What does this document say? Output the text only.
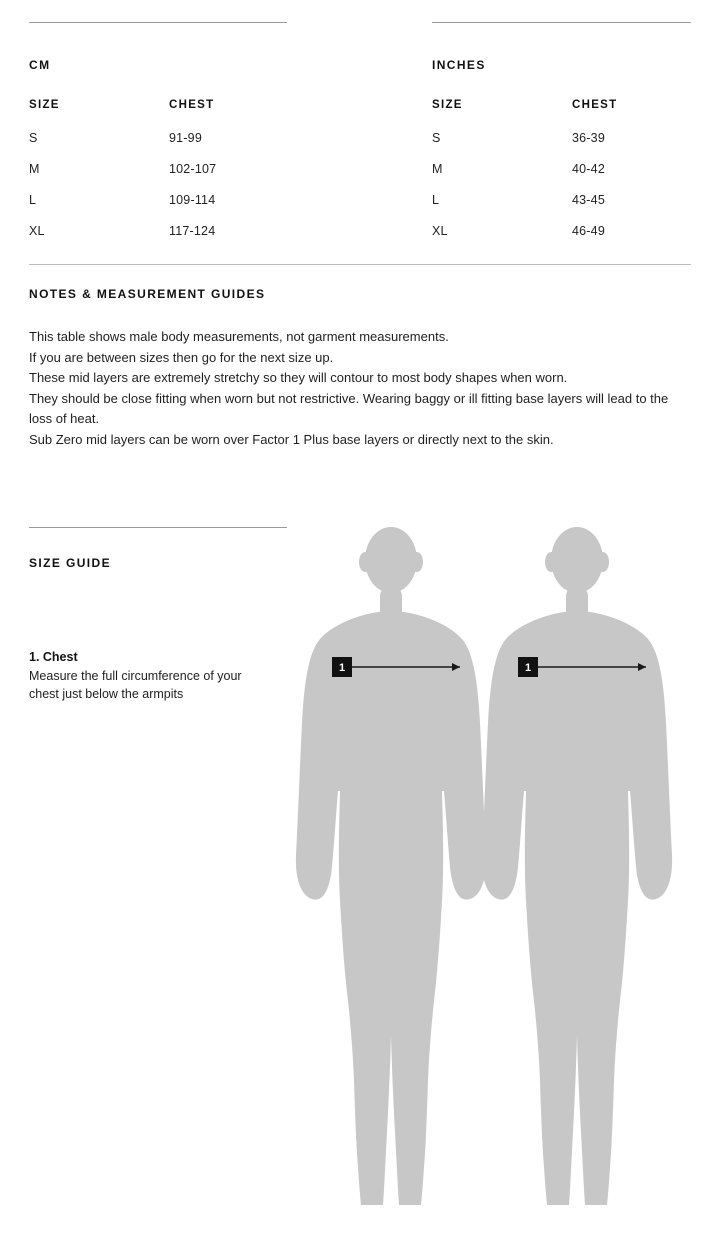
CM
SIZE	CHEST
S	91-99
M	102-107
L	109-114
XL	117-124
INCHES
SIZE	CHEST
S	36-39
M	40-42
L	43-45
XL	46-49
NOTES & MEASUREMENT GUIDES

This table shows male body measurements, not garment measurements.

If you are between sizes then go for the next size up.

These mid layers are extremely stretchy so they will contour to most body shapes when worn.

They should be close fitting when worn but not restrictive. Wearing baggy or ill fitting base layers will lead to the loss of heat.

Sub Zero mid layers can be worn over Factor 1 Plus base layers or directly next to the skin.

SIZE GUIDE

1. Chest

Measure the full circumference of your chest just below the armpits

1	1
